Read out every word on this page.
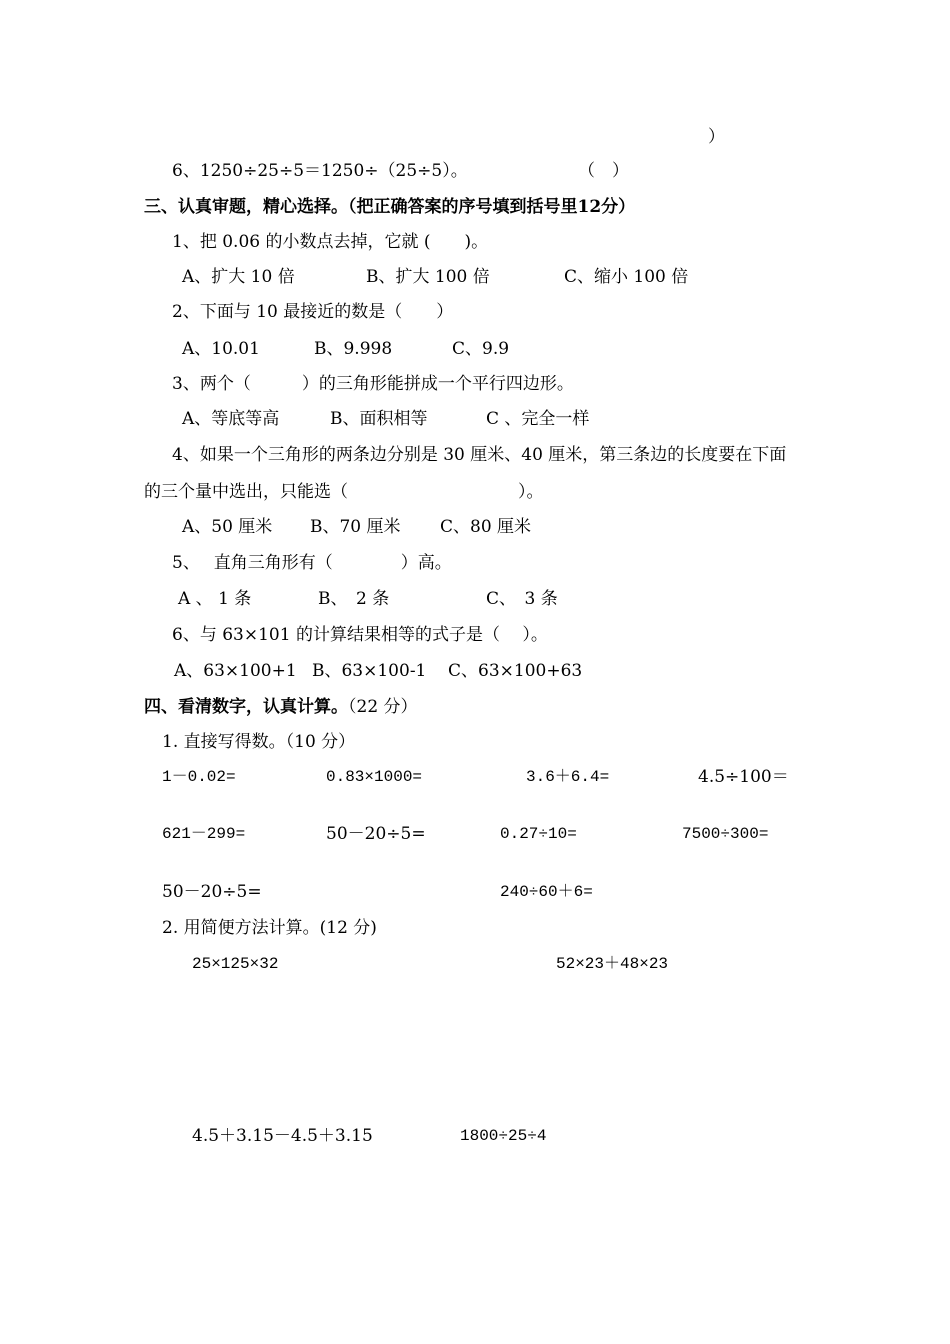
）
6、1250÷25÷5＝1250÷（25÷5）。	（　）
三、认真审题，精心选择。（把正确答案的序号填到括号里12分）
1、把 0.06 的小数点去掉，它就 (　　)。
A、扩大 10 倍	B、扩大 100 倍	C、缩小 100 倍
2、下面与 10 最接近的数是（　　）
A、10.01	B、9.998	C、9.9
3、两个（　　　）的三角形能拼成一个平行四边形。
A、等底等高	B、面积相等	C 、完全一样
4、如果一个三角形的两条边分别是 30 厘米、40 厘米，第三条边的长度要在下面
的三个量中选出，只能选（　　　　　　　　　　）。
A、50 厘米 B、70 厘米 C、80 厘米
5、　 直角三角形有（　　　　）高。
A 、 1 条	B、　2 条	C、　3 条
6、与 63×101 的计算结果相等的式子是（　 ）。
A、63×100+1 B、63×100-1 C、63×100+63
四、看清数字，认真计算。（22 分）
1. 直接写得数。（10 分）
1－0.02=	0.83×1000=	3.6＋6.4=	4.5÷100＝
621－299=	50－20÷5=	0.27÷10=	7500÷300=
50－20÷5=	240÷60＋6=
2. 用简便方法计算。(12 分)
25×125×32	52×23＋48×23
4.5＋3.15－4.5＋3.15	1800÷25÷4
